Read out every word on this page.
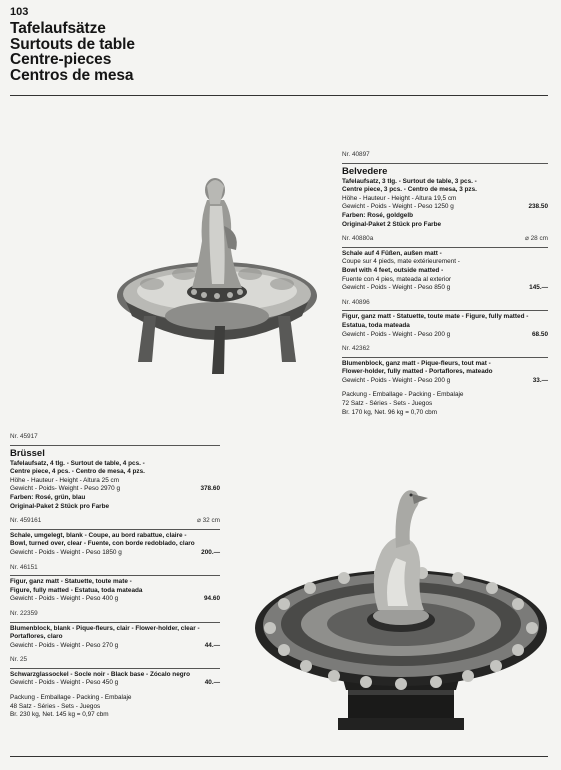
103
Tafelaufsätze
Surtouts de table
Centre-pieces
Centros de mesa
Nr. 40897
Belvedere
Tafelaufsatz, 3 tlg. - Surtout de table, 3 pcs. -
Centre piece, 3 pcs. - Centro de mesa, 3 pzs.
Höhe - Hauteur - Height - Altura 19,5 cm
Gewicht - Poids - Weight - Peso 1250 g	238.50
Farben: Rosé, goldgelb
Original-Paket 2 Stück pro Farbe
Nr. 40880a	⌀ 28 cm
Schale auf 4 Füßen, außen matt -
Coupe sur 4 pieds, mate extérieurement -
Bowl with 4 feet, outside matted -
Fuente con 4 pies, mateada al exterior
Gewicht - Poids - Weight - Peso 850 g	145.—
Nr. 40896
Figur, ganz matt - Statuette, toute mate - Figure, fully matted -
Estatua, toda mateada
Gewicht - Poids - Weight - Peso 200 g	68.50
Nr. 42362
Blumenblock, ganz matt - Pique-fleurs, tout mat -
Flower-holder, fully matted - Portaflores, mateado
Gewicht - Poids - Weight - Peso 200 g	33.—
Packung - Emballage - Packing - Embalaje
72 Satz - Séries - Sets - Juegos
Br. 170 kg, Net. 96 kg = 0,70 cbm
Nr. 45917
Brüssel
Tafelaufsatz, 4 tlg. - Surtout de table, 4 pcs. -
Centre piece, 4 pcs. - Centro de mesa, 4 pzs.
Höhe - Hauteur - Height - Altura 25 cm
Gewicht - Poids- Weight - Peso 2970 g	378.60
Farben: Rosé, grün, blau
Original-Paket 2 Stück pro Farbe
Nr. 459161	⌀ 32 cm
Schale, umgelegt, blank - Coupe, au bord rabattue, claire -
Bowl, turned over, clear - Fuente, con borde redoblado, claro
Gewicht - Poids - Weight - Peso 1850 g	200.—
Nr. 46151
Figur, ganz matt - Statuette, toute mate -
Figure, fully matted - Estatua, toda mateada
Gewicht - Poids - Weight - Peso 400 g	94.60
Nr. 22359
Blumenblock, blank - Pique-fleurs, clair - Flower-holder, clear -
Portaflores, claro
Gewicht - Poids - Weight - Peso 270 g	44.—
Nr. 25
Schwarzglassockel - Socle noir - Black base - Zócalo negro
Gewicht - Poids - Weight - Peso 450 g	40.—
Packung - Emballage - Packing - Embalaje
48 Satz - Séries - Sets - Juegos
Br. 230 kg, Net. 145 kg = 0,97 cbm
